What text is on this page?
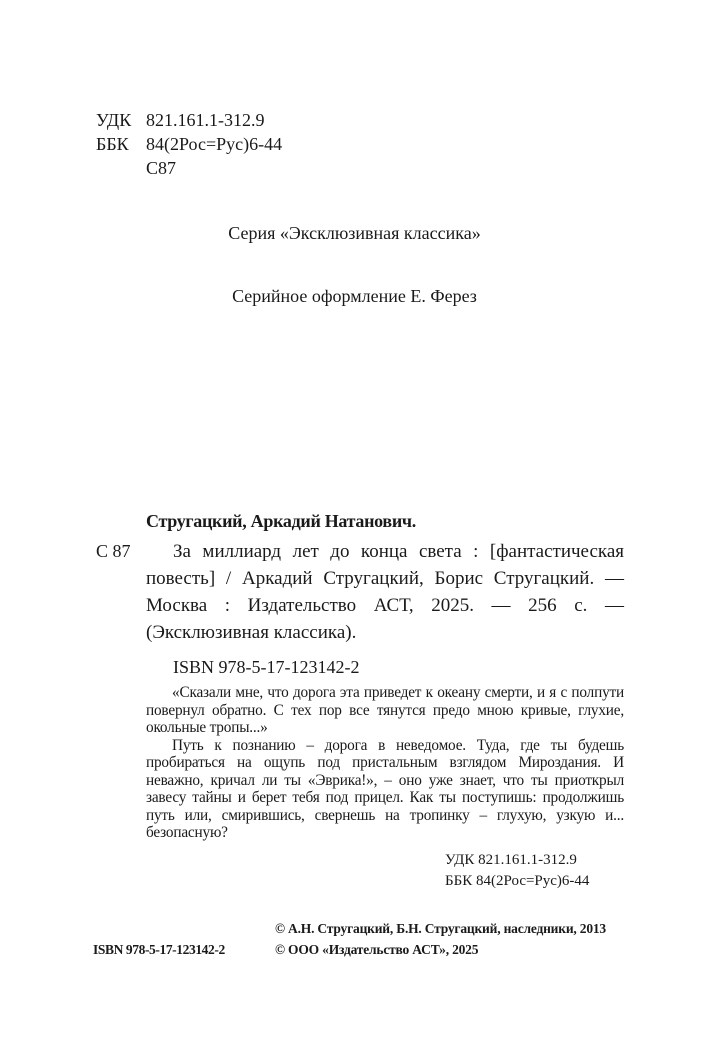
УДК 821.161.1-312.9
ББК 84(2Рос=Рус)6-44
С87
Серия «Эксклюзивная классика»
Серийное оформление Е. Ферез
Стругацкий, Аркадий Натанович.
С 87	За миллиард лет до конца света : [фантастическая повесть] / Аркадий Стругацкий, Борис Стругацкий. — Москва : Издательство АСТ, 2025. — 256 с. — (Эксклюзивная классика).
ISBN 978-5-17-123142-2

«Сказали мне, что дорога эта приведет к океану смерти, и я с полпути повернул обратно. С тех пор все тянутся предо мною кривые, глухие, окольные тропы...»

Путь к познанию – дорога в неведомое. Туда, где ты будешь пробираться на ощупь под пристальным взглядом Мироздания. И неважно, кричал ли ты «Эврика!», – оно уже знает, что ты приоткрыл завесу тайны и берет тебя под прицел. Как ты поступишь: продолжишь путь или, смирившись, свернешь на тропинку – глухую, узкую и... безопасную?

УДК 821.161.1-312.9
ББК 84(2Рос=Рус)6-44
© А.Н. Стругацкий, Б.Н. Стругацкий, наследники, 2013
© ООО «Издательство АСТ», 2025
ISBN 978-5-17-123142-2
